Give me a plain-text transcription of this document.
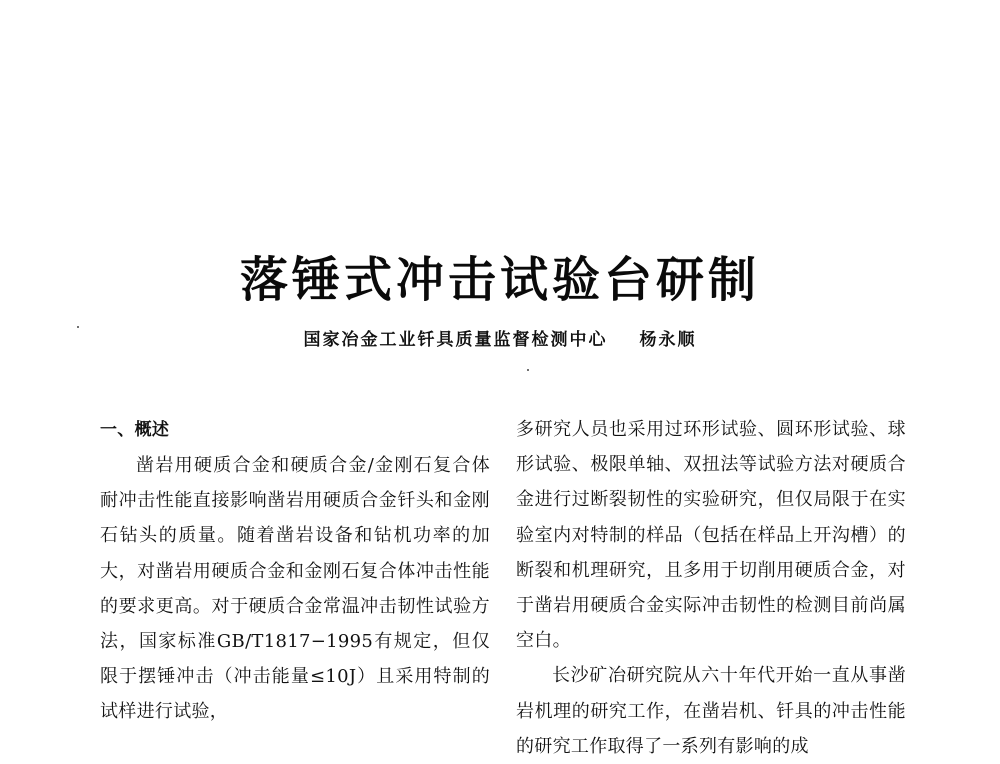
落锤式冲击试验台研制
国家冶金工业钎具质量监督检测中心 杨永顺

一、概述

凿岩用硬质合金和硬质合金/金刚石复合体耐冲击性能直接影响凿岩用硬质合金钎头和金刚石钻头的质量。随着凿岩设备和钻机功率的加大，对凿岩用硬质合金和金刚石复合体冲击性能的要求更高。对于硬质合金常温冲击韧性试验方法，国家标准GB/T1817−1995有规定，但仅限于摆锤冲击（冲击能量≤10J）且采用特制的试样进行试验，

多研究人员也采用过环形试验、圆环形试验、球形试验、极限单轴、双扭法等试验方法对硬质合金进行过断裂韧性的实验研究，但仅局限于在实验室内对特制的样品（包括在样品上开沟槽）的断裂和机理研究，且多用于切削用硬质合金，对于凿岩用硬质合金实际冲击韧性的检测目前尚属空白。

长沙矿冶研究院从六十年代开始一直从事凿岩机理的研究工作，在凿岩机、钎具的冲击性能的研究工作取得了一系列有影响的成
